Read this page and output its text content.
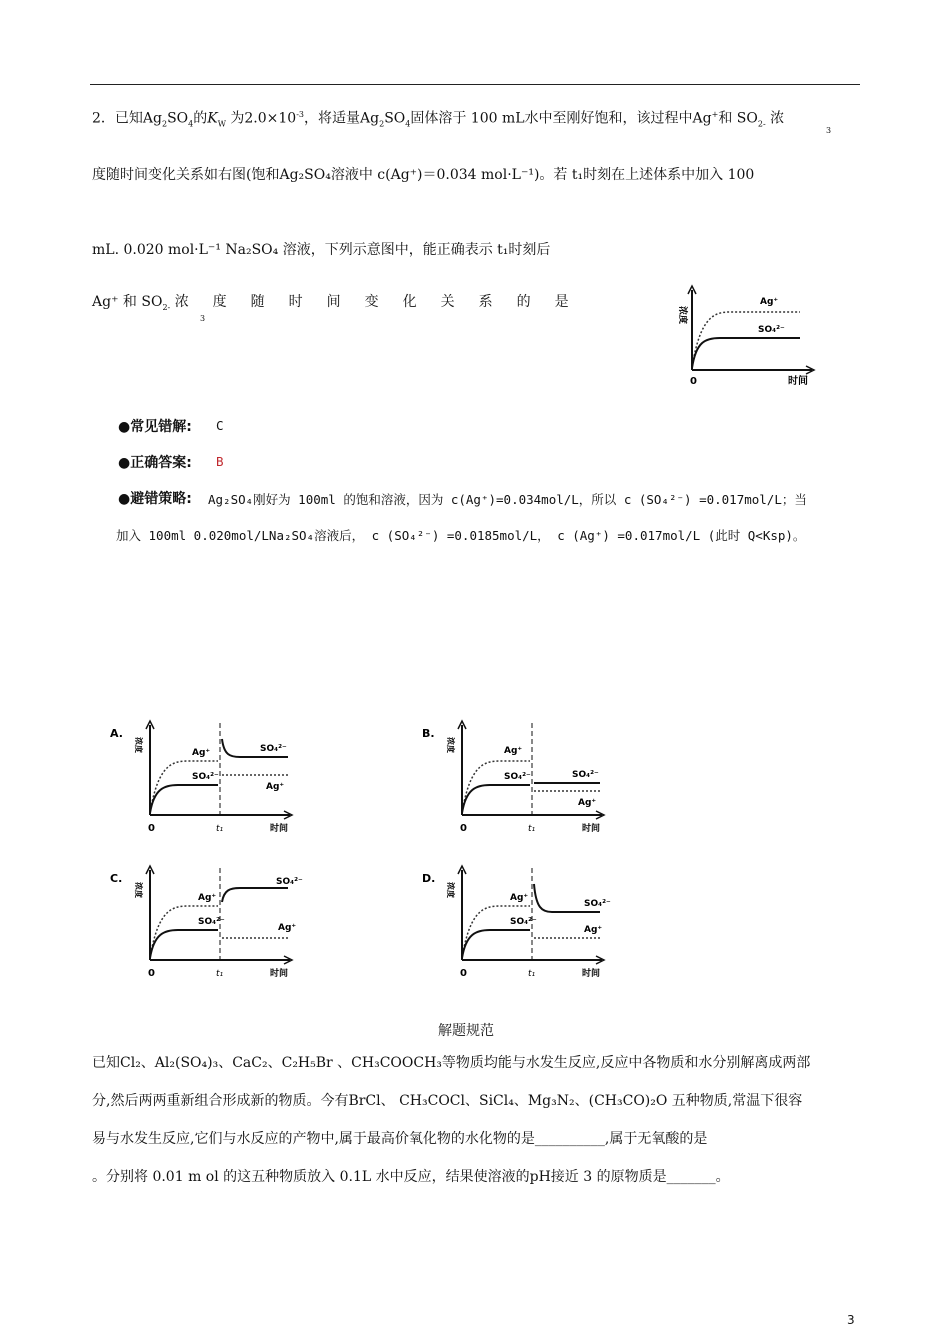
2．已知$Ag_2SO_4$的$K_W$ 为$2.0\times 10^{-3}$，将适量$Ag_2SO_4$固体溶于 100 mL水中至刚好饱和，该过程中Ag+和 $SO_{2-}$ 浓
3
度随时间变化关系如右图(饱和Ag₂SO₄溶液中 c(Ag⁺)＝0.034 mol·L⁻¹)。若 t₁时刻在上述体系中加入 100
mL. 0.020 mol·L⁻¹ Na₂SO₄ 溶液，下列示意图中，能正确表示 t₁时刻后
Ag⁺ 和 $SO_{2-}$ 浓度随时间变化关系的是
3	浓度
0	时间
Ag⁺
SO₄²⁻
●常见错解: C
●正确答案: B
●避错策略: Ag₂SO₄刚好为 100ml 的饱和溶液，因为 c(Ag⁺)=0.034mol/L，所以 c (SO₄²⁻) =0.017mol/L；当
加入 100ml 0.020mol/LNa₂SO₄溶液后， c (SO₄²⁻) =0.0185mol/L， c (Ag⁺) =0.017mol/L (此时 Q<Ksp)。
A.
浓度	Ag⁺
SO₄²⁻
SO₄²⁻
Ag⁺
0	t₁	时间
B.
浓度	Ag⁺
SO₄²⁻	SO₄²⁻
Ag⁺
0	t₁	时间
C.
浓度	Ag⁺
SO₄²⁻
SO₄²⁻
Ag⁺
0	t₁	时间
D.
浓度	Ag⁺
SO₄²⁻
SO₄²⁻
Ag⁺
0	t₁	时间
解题规范
已知Cl₂、Al₂(SO₄)₃、CaC₂、C₂H₅Br 、CH₃COOCH₃等物质均能与水发生反应,反应中各物质和水分别解离成两部
分,然后两两重新组合形成新的物质。今有BrCl、 CH₃COCl、SiCl₄、Mg₃N₂、(CH₃CO)₂O 五种物质,常温下很容
易与水发生反应,它们与水反应的产物中,属于最高价氧化物的水化物的是__________,属于无氧酸的是
。分别将 0.01 m ol 的这五种物质放入 0.1L 水中反应，结果使溶液的pH接近 3 的原物质是_______。
3
